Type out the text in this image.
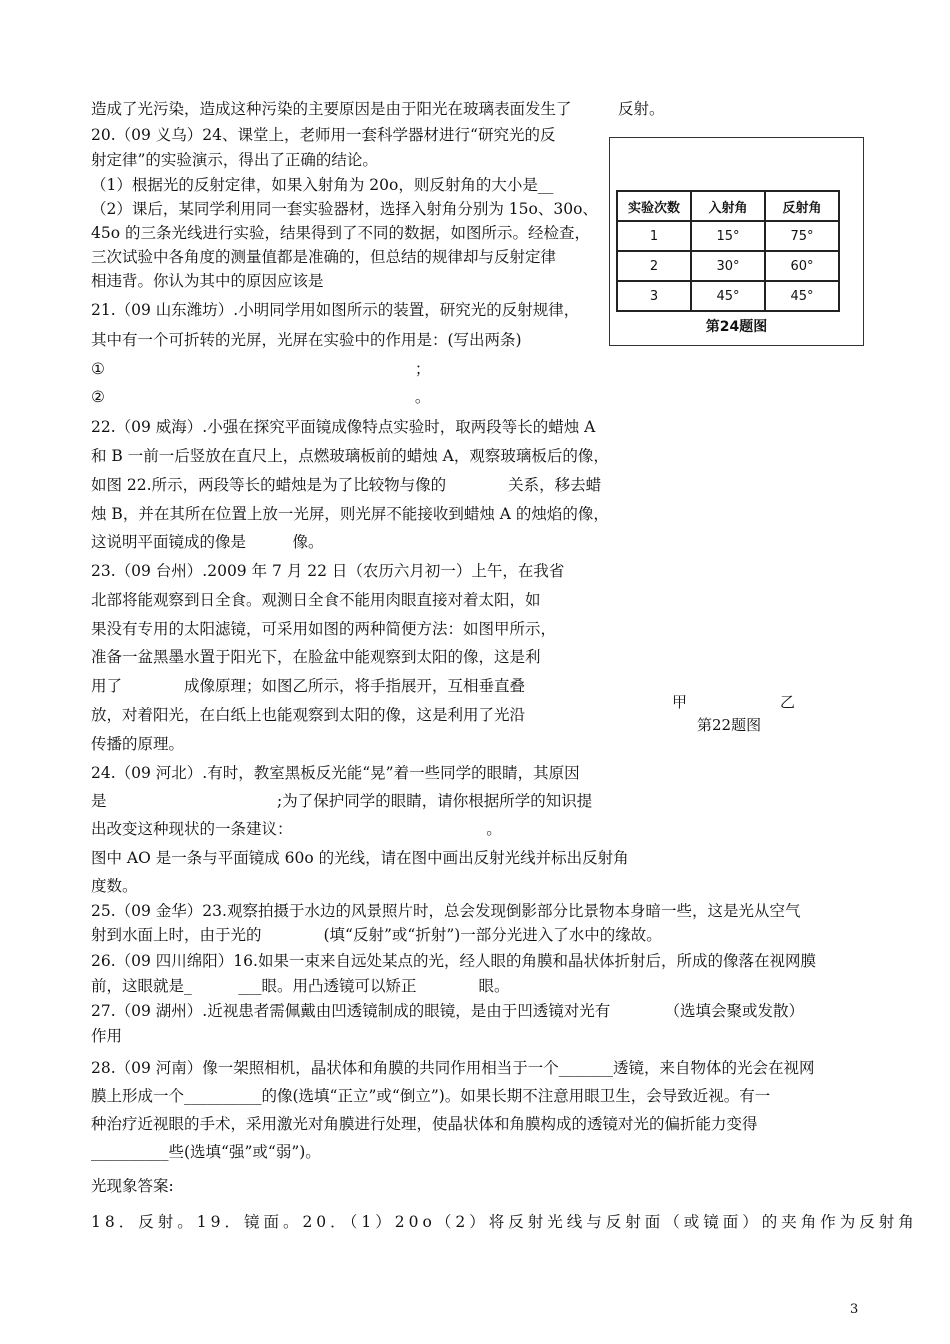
造成了光污染，造成这种污染的主要原因是由于阳光在玻璃表面发生了　　　反射。
20.（09 义乌）24、课堂上，老师用一套科学器材进行“研究光的反
射定律”的实验演示，得出了正确的结论。
（1）根据光的反射定律，如果入射角为 20o，则反射角的大小是__
（2）课后，某同学利用同一套实验器材，选择入射角分别为 15o、30o、
45o 的三条光线进行实验，结果得到了不同的数据，如图所示。经检查，
三次试验中各角度的测量值都是准确的，但总结的规律却与反射定律
相违背。你认为其中的原因应该是
21.（09 山东潍坊）.小明同学用如图所示的装置，研究光的反射规律，
其中有一个可折转的光屏，光屏在实验中的作用是：(写出两条)
①　　　　　　　　　　　　　　　　　　　　；
②　　　　　　　　　　　　　　　　　　　　。
22.（09 威海）.小强在探究平面镜成像特点实验时，取两段等长的蜡烛 A
和 B 一前一后竖放在直尺上，点燃玻璃板前的蜡烛 A，观察玻璃板后的像，
如图 22.所示，两段等长的蜡烛是为了比较物与像的　　　　关系，移去蜡
烛 B，并在其所在位置上放一光屏，则光屏不能接收到蜡烛 A 的烛焰的像，
这说明平面镜成的像是　　　像。
23.（09 台州）.2009 年 7 月 22 日（农历六月初一）上午，在我省
北部将能观察到日全食。观测日全食不能用肉眼直接对着太阳，如
果没有专用的太阳滤镜，可采用如图的两种简便方法：如图甲所示，
准备一盆黑墨水置于阳光下，在脸盆中能观察到太阳的像，这是利
用了　　　　成像原理；如图乙所示，将手指展开，互相垂直叠
放，对着阳光，在白纸上也能观察到太阳的像，这是利用了光沿
传播的原理。
24.（09 河北）.有时，教室黑板反光能“晃”着一些同学的眼睛，其原因
是　　　　　　　　　　　;为了保护同学的眼睛，请你根据所学的知识提
出改变这种现状的一条建议：　　　　　　　　　　　　　。
图中 AO 是一条与平面镜成 60o 的光线，请在图中画出反射光线并标出反射角
度数。
25.（09 金华）23.观察拍摄于水边的风景照片时，总会发现倒影部分比景物本身暗一些，这是光从空气
射到水面上时，由于光的　　　　(填“反射”或“折射”)一部分光进入了水中的缘故。
26.（09 四川绵阳）16.如果一束来自远处某点的光，经人眼的角膜和晶状体折射后，所成的像落在视网膜
前，这眼就是_　　　___眼。用凸透镜可以矫正　　　　眼。
27.（09 湖州）.近视患者需佩戴由凹透镜制成的眼镜，是由于凹透镜对光有　　　　（选填会聚或发散）
作用
28.（09 河南）像一架照相机，晶状体和角膜的共同作用相当于一个_______透镜，来自物体的光会在视网
膜上形成一个__________的像(选填“正立”或“倒立”)。如果长期不注意用眼卫生，会导致近视。有一
种治疗近视眼的手术，采用激光对角膜进行处理，使晶状体和角膜构成的透镜对光的偏折能力变得
__________些(选填“强”或“弱”)。
光现象答案:
18．反射。19．镜面。20．（1）20o（2）将反射光线与反射面（或镜面）的夹角作为反射角
实验次数	入射角	反射角
1	15°	75°
2	30°	60°
3	45°	45°
第24题图
甲	乙
第22题图
3
